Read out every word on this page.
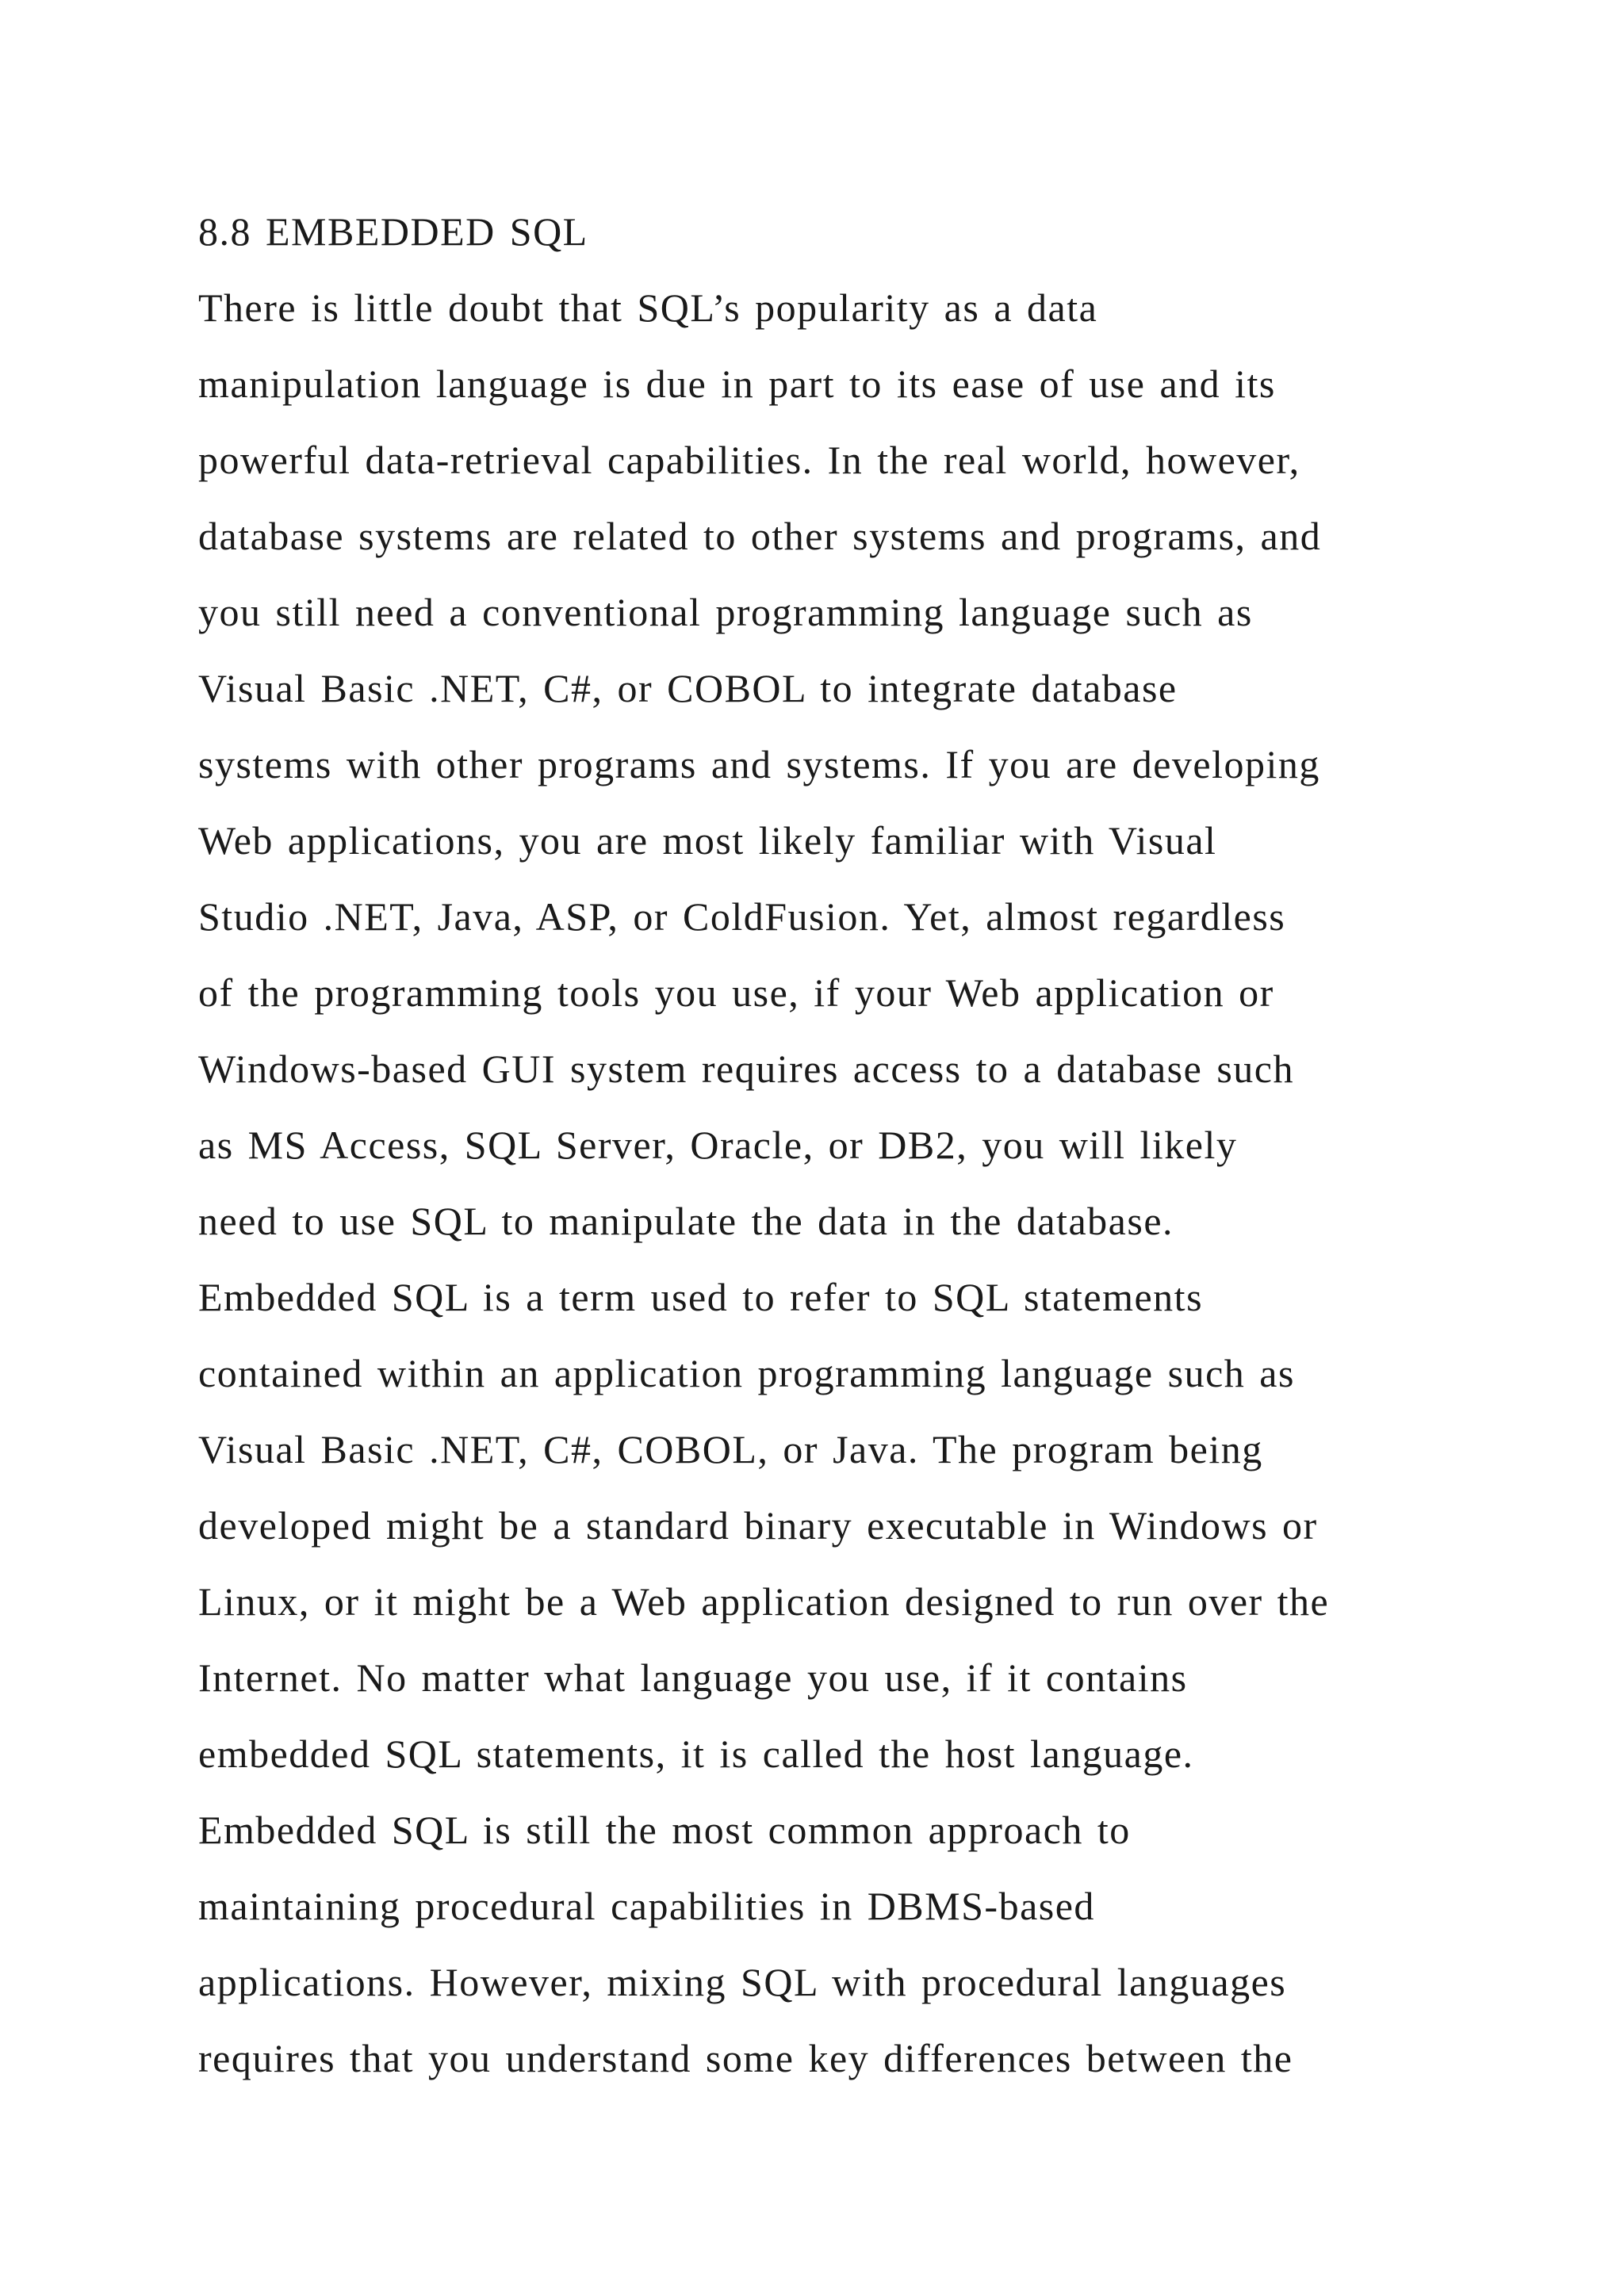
8.8 EMBEDDED SQL
There is little doubt that SQL’s popularity as a data
manipulation language is due in part to its ease of use and its
powerful data-retrieval capabilities. In the real world, however,
database systems are related to other systems and programs, and
you still need a conventional programming language such as
Visual Basic .NET, C#, or COBOL to integrate database
systems with other programs and systems. If you are developing
Web applications, you are most likely familiar with Visual
Studio .NET, Java, ASP, or ColdFusion. Yet, almost regardless
of the programming tools you use, if your Web application or
Windows-based GUI system requires access to a database such
as MS Access, SQL Server, Oracle, or DB2, you will likely
need to use SQL to manipulate the data in the database.
Embedded SQL is a term used to refer to SQL statements
contained within an application programming language such as
Visual Basic .NET, C#, COBOL, or Java. The program being
developed might be a standard binary executable in Windows or
Linux, or it might be a Web application designed to run over the
Internet. No matter what language you use, if it contains
embedded SQL statements, it is called the host language.
Embedded SQL is still the most common approach to
maintaining procedural capabilities in DBMS-based
applications. However, mixing SQL with procedural languages
requires that you understand some key differences between the
